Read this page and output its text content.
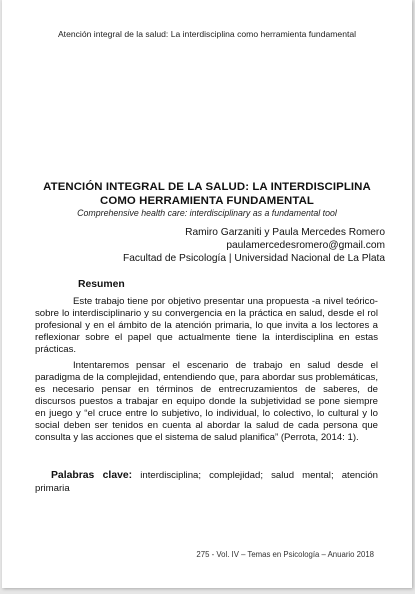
Atención integral de la salud: La interdisciplina como herramienta fundamental
ATENCIÓN INTEGRAL DE LA SALUD: LA INTERDISCIPLINA
COMO HERRAMIENTA FUNDAMENTAL
Comprehensive health care: interdisciplinary as a fundamental tool
Ramiro Garzaniti y Paula Mercedes Romero
paulamercedesromero@gmail.com
Facultad de Psicología | Universidad Nacional de La Plata
Resumen

Este trabajo tiene por objetivo presentar una propuesta -a nivel teórico- sobre lo interdisciplinario y su convergencia en la práctica en salud, desde el rol profesional y en el ámbito de la atención primaria, lo que invita a los lectores a reflexionar sobre el papel que actualmente tiene la interdisciplina en estas prácticas.

Intentaremos pensar el escenario de trabajo en salud desde el paradigma de la complejidad, entendiendo que, para abordar sus problemáticas, es necesario pensar en términos de entrecruzamientos de saberes, de discursos puestos a trabajar en equipo donde la subjetividad se pone siempre en juego y “el cruce entre lo subjetivo, lo individual, lo colectivo, lo cultural y lo social deben ser tenidos en cuenta al abordar la salud de cada persona que consulta y las acciones que el sistema de salud planifica” (Perrota, 2014: 1).

Palabras clave: interdisciplina; complejidad; salud mental; atención primaria

275 - Vol. IV – Temas en Psicología – Anuario 2018
